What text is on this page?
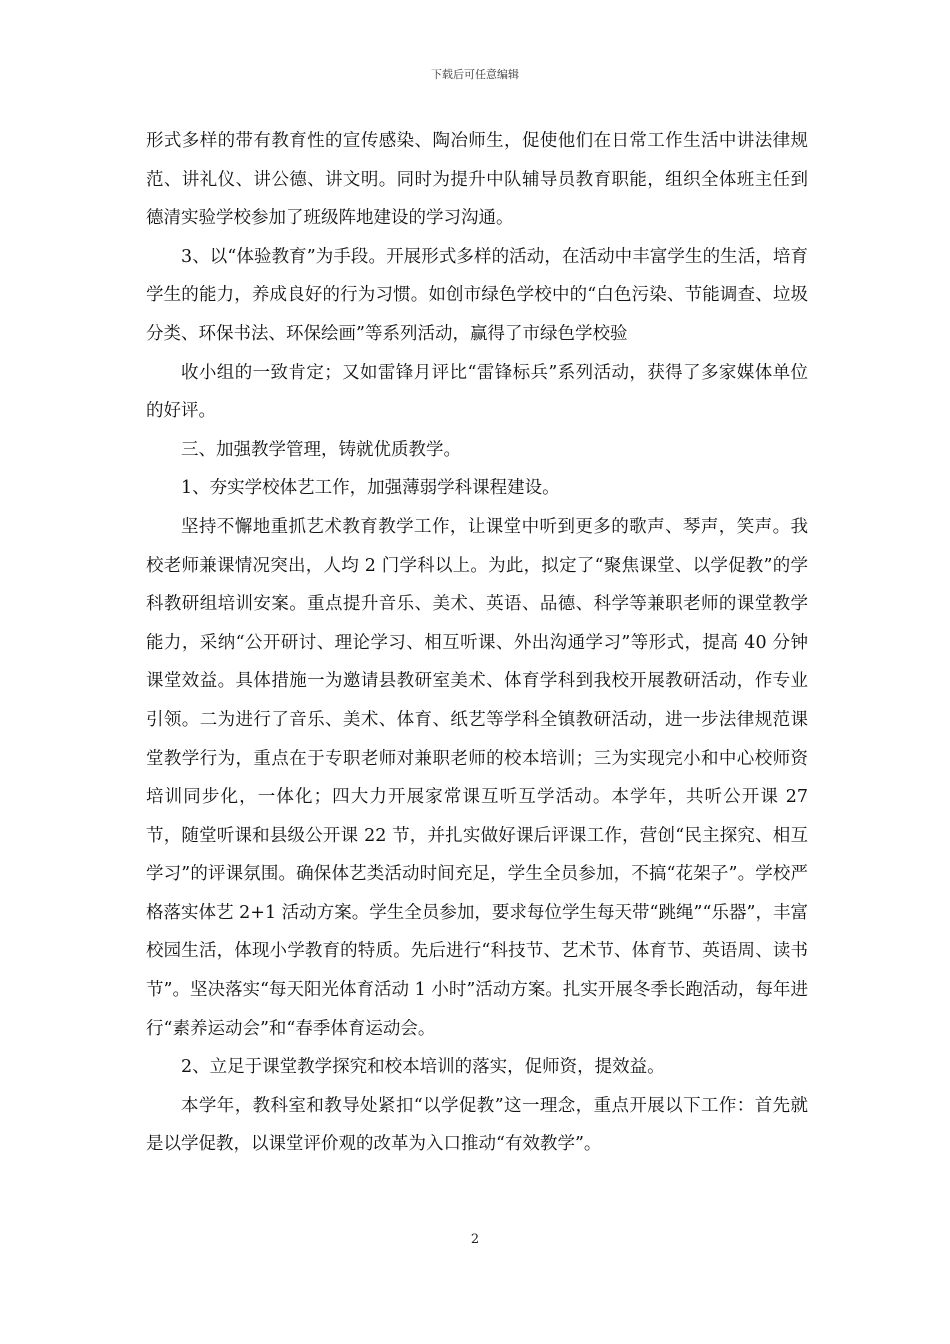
下载后可任意编辑

形式多样的带有教育性的宣传感染、陶冶师生，促使他们在日常工作生活中讲法律规范、讲礼仪、讲公德、讲文明。同时为提升中队辅导员教育职能，组织全体班主任到德清实验学校参加了班级阵地建设的学习沟通。

3、以“体验教育”为手段。开展形式多样的活动，在活动中丰富学生的生活，培育学生的能力，养成良好的行为习惯。如创市绿色学校中的“白色污染、节能调查、垃圾分类、环保书法、环保绘画”等系列活动，赢得了市绿色学校验

收小组的一致肯定；又如雷锋月评比“雷锋标兵”系列活动，获得了多家媒体单位的好评。

三、加强教学管理，铸就优质教学。

1、夯实学校体艺工作，加强薄弱学科课程建设。

坚持不懈地重抓艺术教育教学工作，让课堂中听到更多的歌声、琴声，笑声。我校老师兼课情况突出，人均 2 门学科以上。为此，拟定了“聚焦课堂、以学促教”的学科教研组培训安案。重点提升音乐、美术、英语、品德、科学等兼职老师的课堂教学能力，采纳“公开研讨、理论学习、相互听课、外出沟通学习”等形式，提高 40 分钟课堂效益。具体措施一为邀请县教研室美术、体育学科到我校开展教研活动，作专业引领。二为进行了音乐、美术、体育、纸艺等学科全镇教研活动，进一步法律规范课堂教学行为，重点在于专职老师对兼职老师的校本培训；三为实现完小和中心校师资培训同步化，一体化；四大力开展家常课互听互学活动。本学年，共听公开课 27 节，随堂听课和县级公开课 22 节，并扎实做好课后评课工作，营创“民主探究、相互学习”的评课氛围。确保体艺类活动时间充足，学生全员参加，不搞“花架子”。学校严格落实体艺 2+1 活动方案。学生全员参加，要求每位学生每天带“跳绳”“乐器”，丰富校园生活，体现小学教育的特质。先后进行“科技节、艺术节、体育节、英语周、读书节”。坚决落实“每天阳光体育活动 1 小时”活动方案。扎实开展冬季长跑活动，每年进行“素养运动会”和“春季体育运动会。

2、立足于课堂教学探究和校本培训的落实，促师资，提效益。

本学年，教科室和教导处紧扣“以学促教”这一理念，重点开展以下工作：首先就是以学促教，以课堂评价观的改革为入口推动“有效教学”。

2
